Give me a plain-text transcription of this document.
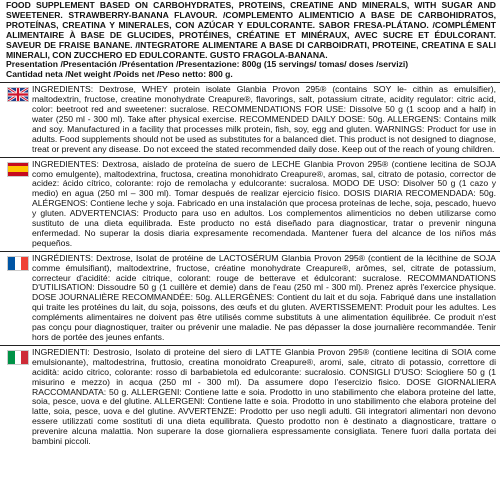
FOOD SUPPLEMENT BASED ON CARBOHYDRATES, PROTEINS, CREATINE AND MINERALS, WITH SUGAR AND SWEETENER. STRAWBERRY-BANANA FLAVOUR. /COMPLEMENTO ALIMENTICIO A BASE DE CARBOHIDRATOS, PROTEÍNAS, CREATINA Y MINERALES, CON AZÚCAR Y EDULCORANTE. SABOR FRESA-PLÁTANO. /COMPLÉMENT ALIMENTAIRE À BASE DE GLUCIDES, PROTÉINES, CRÉATINE ET MINÉRAUX, AVEC SUCRE ET ÉDULCORANT. SAVEUR DE FRAISE BANANE. /INTEGRATORE ALIMENTARE A BASE DI CARBOIDRATI, PROTEINE, CREATINA E SALI MINERALI, CON ZUCCHERO ED EDULCORANTE. GUSTO FRAGOLA-BANANA.
Presentation /Presentación /Présentation /Presentazione: 800g (15 servings/ tomas/ doses /servizi)
Cantidad neta /Net weight /Poids net /Peso netto: 800 g.
INGREDIENTS: Dextrose, WHEY protein isolate Glanbia Provon 295® (contains SOY le- cithin as emulsifier), maltodextrin, fructose, creatine monohydrate Creapure®, flavorings, salt, potassium citrate, acidity regulator: citric acid, color: beetroot red and sweetener: sucralose. RECOMMENDATIONS FOR USE: Dissolve 50 g (1 scoop and a half) in water (250 ml - 300 ml). Take after physical exercise. RECOMMENDED DAILY DOSE: 50g. ALLERGENS: Contains milk and soy. Manufactured in a facility that processes milk protein, fish, soy, egg and gluten. WARNINGS: Product for use in adults. Food supplements should not be used as substitutes for a balanced diet. This product is not designed to diagnose, treat or prevent any disease. Do not exceed the stated recommended daily dose. Keep out of the reach of young children.
INGREDIENTES: Dextrosa, aislado de proteína de suero de LECHE Glanbia Provon 295® (contiene lecitina de SOJA como emulgente), maltodextrina, fructosa, creatina monohidrato Creapure®, aromas, sal, citrato de potasio, corrector de acidez: ácido cítrico, colorante: rojo de remolacha y edulcorante: sucralosa. MODO DE USO: Disolver 50 g (1 cazo y medio) en agua (250 ml – 300 ml). Tomar después de realizar ejercicio físico. DOSIS DIARIA RECOMENDADA: 50g. ALÉRGENOS: Contiene leche y soja. Fabricado en una instalación que procesa proteínas de leche, soja, pescado, huevo y gluten. ADVERTENCIAS: Producto para uso en adultos. Los complementos alimenticios no deben utilizarse como sustituto de una dieta equilibrada. Este producto no está diseñado para diagnosticar, tratar o prevenir ninguna enfermedad. No superar la dosis diaria expresamente recomendada. Mantener fuera del alcance de los niños más pequeños.
INGRÉDIENTS: Dextrose, Isolat de protéine de LACTOSÉRUM Glanbia Provon 295® (contient de la lécithine de SOJA comme émulsifiant), maltodextrine, fructose, créatine monohydrate Creapure®, arômes, sel, citrate de potassium, correcteur d'acidité: acide citrique, colorant: rouge de betterave et édulcorant: sucralose. RECOMMANDATIONS D'UTILISATION: Dissoudre 50 g (1 cuillère et demie) dans de l'eau (250 ml - 300 ml). Prenez après l'exercice physique. DOSE JOURNALIÈRE RECOMMANDÉE: 50g. ALLERGÈNES: Contient du lait et du soja. Fabriqué dans une installation qui traite les protéines du lait, du soja, poissons, des œufs et du gluten. AVERTISSEMENT: Produit pour les adultes. Les compléments alimentaires ne doivent pas être utilisés comme substituts à une alimentation équilibrée. Ce produit n'est pas conçu pour diagnostiquer, traiter ou prévenir une maladie. Ne pas dépasser la dose journalière recommandée. Tenir hors de portée des jeunes enfants.
INGREDIENTI: Destrosio, Isolato di proteine del siero di LATTE Glanbia Provon 295® (contiene lecitina di SOIA come emulsionante), maltodestrina, fruttosio, creatina monoidrato Creapure®, aromi, sale, citrato di potassio, correttore di acidità: acido citrico, colorante: rosso di barbabietola ed edulcorante: sucralosio. CONSIGLI D'USO: Sciogliere 50 g (1 misurino e mezzo) in acqua (250 ml - 300 ml). Da assumere dopo l'esercizio fisico. DOSE GIORNALIERA RACCOMANDATA: 50 g. ALLERGENI: Contiene latte e soia. Prodotto in uno stabilimento che elabora proteine del latte, soia, pesce, uova e del glutine. ALLERGENI: Contiene latte e soia. Prodotto in uno stabilimento che elabora proteine del latte, soia, pesce, uova e del glutine. AVVERTENZE: Prodotto per uso negli adulti. Gli integratori alimentari non devono essere utilizzati come sostituti di una dieta equilibrata. Questo prodotto non è destinato a diagnosticare, trattare o prevenire alcuna malattia. Non superare la dose giornaliera espressamente consigliata. Tenere fuori dalla portata dei bambini piccoli.
